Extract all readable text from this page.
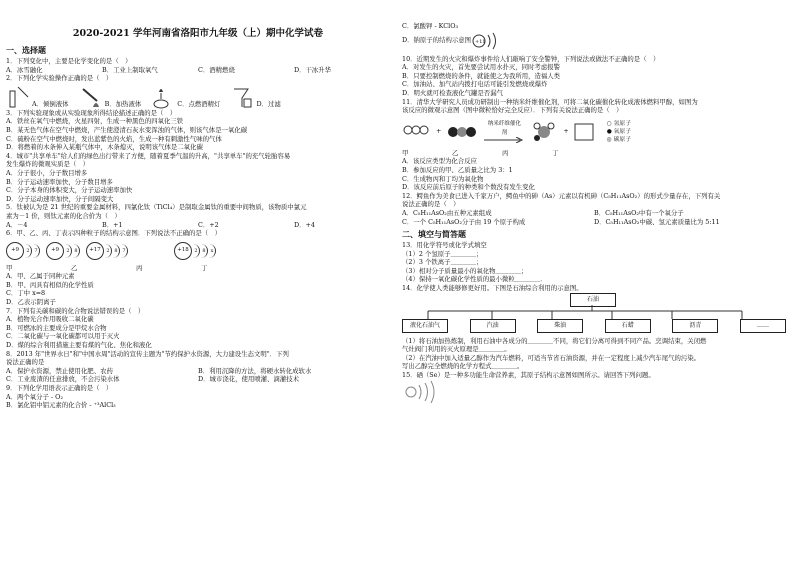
2020-2021 学年河南省洛阳市九年级（上）期中化学试卷
一、选择题
1．下列变化中，主要是化学变化的是（　）
A．冰雪融化	B．工业上制取氧气	C．酒精燃烧	D．干冰升华
2．下列化学实验操作正确的是（　）
A．倾倒液体	B．加热液体	C．点燃酒精灯	D．过滤
3．下列实验现象或从实验现象所得结论描述正确的是（　）
A．铁丝在氧气中燃烧，火星四射，生成一种黑色的四氧化三铁
B．某无色气体在空气中燃烧，产生使澄清石灰水变浑浊的气体，则该气体是一氧化碳
C．硫粉在空气中燃烧时，发出蓝紫色的火焰，生成一种有刺激性气味的气体
D．将燃着的木条伸入某瓶气体中，木条熄灭，说明该气体是二氧化碳
4．城市"共享单车"给人们的绿色出行带来了方便，随着夏季气温的升高，"共享单车"的充气轮胎容易
发生爆炸的微观实质是（　）
A．分子很小，分子数目增多
B．分子运动速率加快，分子数目增多
C．分子本身的体积变大，分子运动速率加快
D．分子运动速率加快，分子间隔变大
5．钛被认为是 21 世纪的重要金属材料，四氯化钛（TiCl₄）是制取金属钛的重要中间物质，该物质中氯元
素为－1 价，则钛元素的化合价为（　）
A．－4	B．+1	C．+2	D．+4
6．甲、乙、丙、丁表示四种粒子的结构示意图．下列说法不正确的是（　）
+9	2 7	+9	2 8	+17	2 8 7	+18	2 8 x
甲	乙	丙	丁
A．甲、乙属于同种元素
B．甲、丙具有相似的化学性质
C．丁中 x=8
D．乙表示阴离子
7．下列有关碳和碳的化合物说法错误的是（　）
A．植物光合作用吸收二氧化碳
B．可燃冰的主要成分是甲烷水合物
C．二氧化碳与一氧化碳都可以用于灭火
D．煤的综合利用措施主要有煤的气化、焦化和液化
8．2013 年"世界水日"和"中国水周"活动的宣传主题为"节约保护水资源，大力建设生态文明"．下列
说法正确的是
A．保护水资源，禁止使用化肥、农药	B．利用沉降的方法，将硬水转化成软水
C．工业废渣的任意排放，不会污染水体	D．城市浇花，使用喷灌、滴灌技术
9．下列化学用语表示正确的是（　）
A．两个氧分子 - O₂
B．氯化铝中铝元素的化合价 - ⁺³AlCl₃
C．氯酸钾 - KClO₃
D．钠原子的结构示意图 +11
10．近期发生的火灾和爆炸事件给人们敲响了安全警钟，下列说法或做法不正确的是（　）
A．对发生的火灾，首先要尝试用水扑灭，同时考虑报警
B．只要控制燃烧的条件，就能使之为我所用，造福人类
C．加油站、加气站内拨打电话可能引发燃烧或爆炸
D．明火就可检查液化气罐是否漏气
11．清华大学研究人员成功研制出一种纳米纤维催化剂，可将二氧化碳催化转化成液体燃料甲醇，如图为
该反应的微观示意图（图中微粒恰好完全反应）．下列有关说法正确的是（　）
+
纳米纤维催化剂	+
○ 氢原子
● 氧原子
◎ 碳原子
甲	乙	丙	丁
A．该反应类型为化合反应
B．参加反应的甲、乙质量之比为 3：1
C．生成物丙和丁均为氧化物
D．该反应前后原子的种类和个数没有发生变化
12．鳄鱼作为美食已进入千家万户，鳄鱼中的砷（As）元素以有机砷（C₅H₁₁AsO₂）的形式少量存在，下列有关
说法正确的是（　）
A．C₅H₁₁AsO₂由五种元素组成	B．C₅H₁₁AsO₂中有一个氧分子
C．一个 C₅H₁₁AsO₂分子由 19 个原子构成	D．C₅H₁₁AsO₂中碳、氢元素质量比为 5:11
二、填空与简答题
13．用化学符号或化学式填空
（1）2 个氢原子＿＿＿＿；
（2）3 个铁离子＿＿＿＿；
（3）相对分子质量最小的氧化物＿＿＿＿；
（4）保持一氧化碳化学性质的最小微粒＿＿＿＿．
14．化学使人类能够修更好用。下图是石油综合利用的示意图。
石油
液化石油气	汽油	柴油	石蜡	沥青	……
（1）将石油加热炼制，利用石油中各成分的＿＿＿＿不同，将它们分离可得到不同产品。烹调结束，关闭燃
气灶阀门利用的灭火原理是＿＿＿＿。
（2）在汽油中加入适量乙醇作为汽车燃料，可适当节省石油资源，并在一定程度上减少汽车尾气的污染。
写出乙醇完全燃烧的化学方程式＿＿＿＿。
15．硒（Se）是一种多功能生命营养素，其原子结构示意图如图所示。请回答下列问题。
